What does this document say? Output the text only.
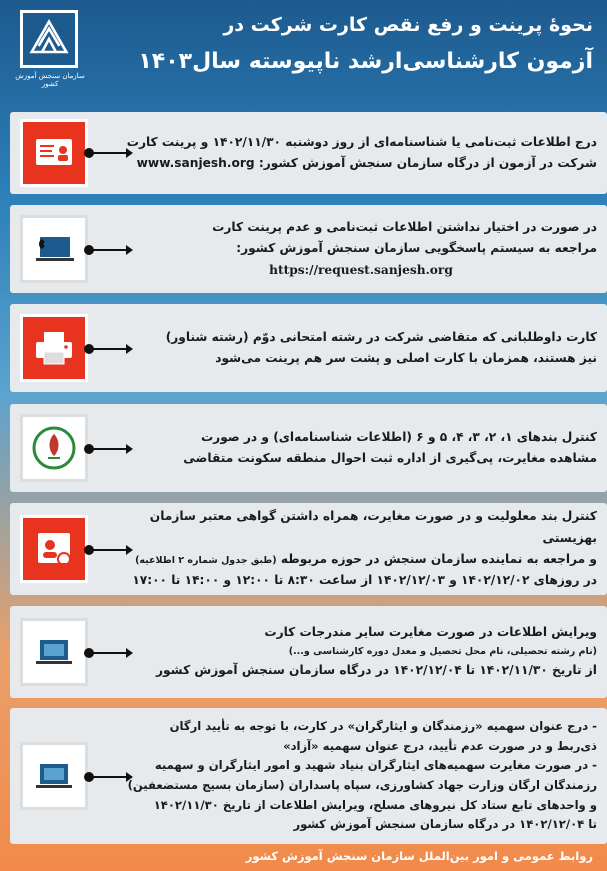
سازمان سنجش آموزش کشور
نحوهٔ پرینت و رفع نقص کارت شرکت در
آزمون کارشناسی‌ارشد ناپیوسته سال۱۴۰۳
درج اطلاعات ثبت‌نامی یا شناسنامه‌ای از روز دوشنبه ۱۴۰۲/۱۱/۳۰ و پرینت کارت
شرکت در آزمون از درگاه سازمان سنجش آموزش کشور: www.sanjesh.org
در صورت در اختیار نداشتن اطلاعات ثبت‌نامی و عدم پرینت کارت
مراجعه به سیستم پاسخگویی سازمان سنجش آموزش کشور:
https://request.sanjesh.org
کارت داوطلبانی که متقاضی شرکت در رشته امتحانی دوّم (رشته شناور)
نیز هستند، همزمان با کارت اصلی و پشت سر هم پرینت می‌شود
کنترل بندهای ۱، ۲، ۳، ۴، ۵ و ۶ (اطلاعات شناسنامه‌ای) و در صورت
مشاهده مغایرت، پی‌گیری از اداره ثبت احوال منطقه سکونت متقاضی
کنترل بند معلولیت و در صورت مغایرت، همراه داشتن گواهی معتبر سازمان بهزیستی
و مراجعه به نماینده سازمان سنجش در حوزه مربوطه (طبق جدول شماره ۲ اطلاعیه)
در روزهای ۱۴۰۲/۱۲/۰۲ و ۱۴۰۲/۱۲/۰۳ از ساعت ۸:۳۰ تا ۱۲:۰۰ و ۱۴:۰۰ تا ۱۷:۰۰
ویرایش اطلاعات در صورت مغایرت سایر مندرجات کارت
(نام رشته تحصیلی، نام محل تحصیل و معدل دوره کارشناسی و...)
از تاریخ ۱۴۰۲/۱۱/۳۰ تا ۱۴۰۲/۱۲/۰۴ در درگاه سازمان سنجش آموزش کشور
- درج عنوان سهمیه «رزمندگان و ایثارگران» در کارت، با توجه به تأیید ارگان
ذی‌ربط و در صورت عدم تأیید، درج عنوان سهمیه «آزاد»
- در صورت مغایرت سهمیه‌های ایثارگران بنیاد شهید و امور ایثارگران و سهمیه
رزمندگان ارگان وزارت جهاد کشاورزی، سپاه پاسداران (سازمان بسیج مستضعفین)
و واحدهای تابع ستاد کل نیروهای مسلح، ویرایش اطلاعات از تاریخ ۱۴۰۲/۱۱/۳۰
تا ۱۴۰۲/۱۲/۰۴ در درگاه سازمان سنجش آموزش کشور
روابط عمومی و امور بین‌الملل سازمان سنجش آموزش کشور
